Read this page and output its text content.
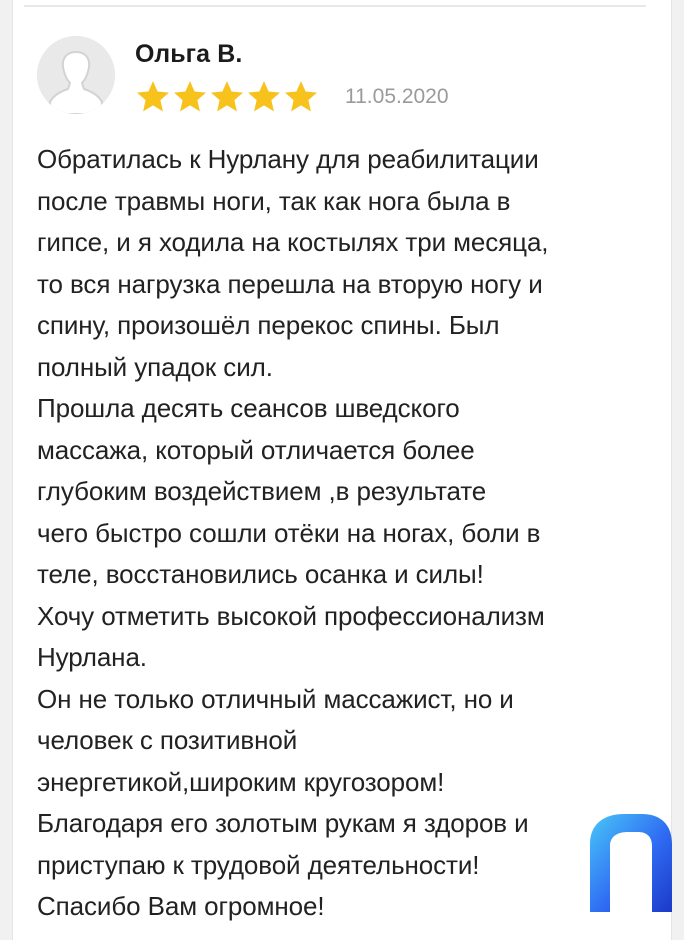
Ольга В.
11.05.2020
Обратилась к Нурлану для реабилитации
после травмы ноги, так как нога была в
гипсе, и я ходила на костылях три месяца,
то вся нагрузка перешла на вторую ногу и
спину, произошёл перекос спины. Был
полный упадок сил.
Прошла десять сеансов шведского
массажа, который отличается более
глубоким воздействием ,в результате
чего быстро сошли отёки на ногах, боли в
теле, восстановились осанка и силы!
Хочу отметить высокой профессионализм
Нурлана.
Он не только отличный массажист, но и
человек с позитивной
энергетикой,широким кругозором!
Благодаря его золотым рукам я здоров и
приступаю к трудовой деятельности!
Спасибо Вам огромное!
